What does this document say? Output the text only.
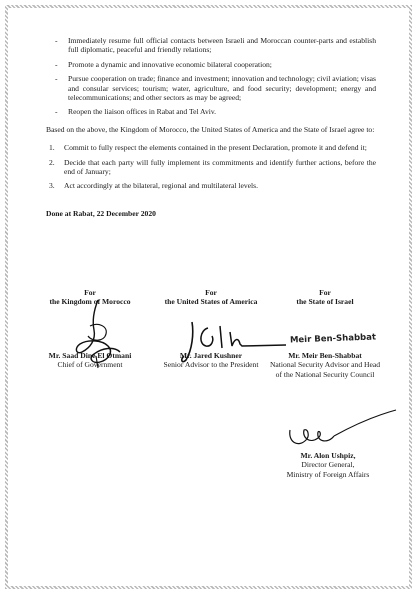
- Immediately resume full official contacts between Israeli and Moroccan counter-parts and establish full diplomatic, peaceful and friendly relations;
- Promote a dynamic and innovative economic bilateral cooperation;
- Pursue cooperation on trade; finance and investment; innovation and technology; civil aviation; visas and consular services; tourism; water, agriculture, and food security; development; energy and telecommunications; and other sectors as may be agreed;
- Reopen the liaison offices in Rabat and Tel Aviv.

Based on the above, the Kingdom of Morocco, the United States of America and the State of Israel agree to:

1. Commit to fully respect the elements contained in the present Declaration, promote it and defend it;
2. Decide that each party will fully implement its commitments and identify further actions, before the end of January;
3. Act accordingly at the bilateral, regional and multilateral levels.
Done at Rabat, 22 December 2020
For
the Kingdom of Morocco
Mr. Saad Dine El Otmani
Chief of Government
For
the United States of America
Mr. Jared Kushner
Senior Advisor to the President
For
the State of Israel
Mr. Meir Ben-Shabbat
National Security Advisor and Head of the National Security Council
Meir Ben-Shabbat
Mr. Alon Ushpiz,
Director General,
Ministry of Foreign Affairs
